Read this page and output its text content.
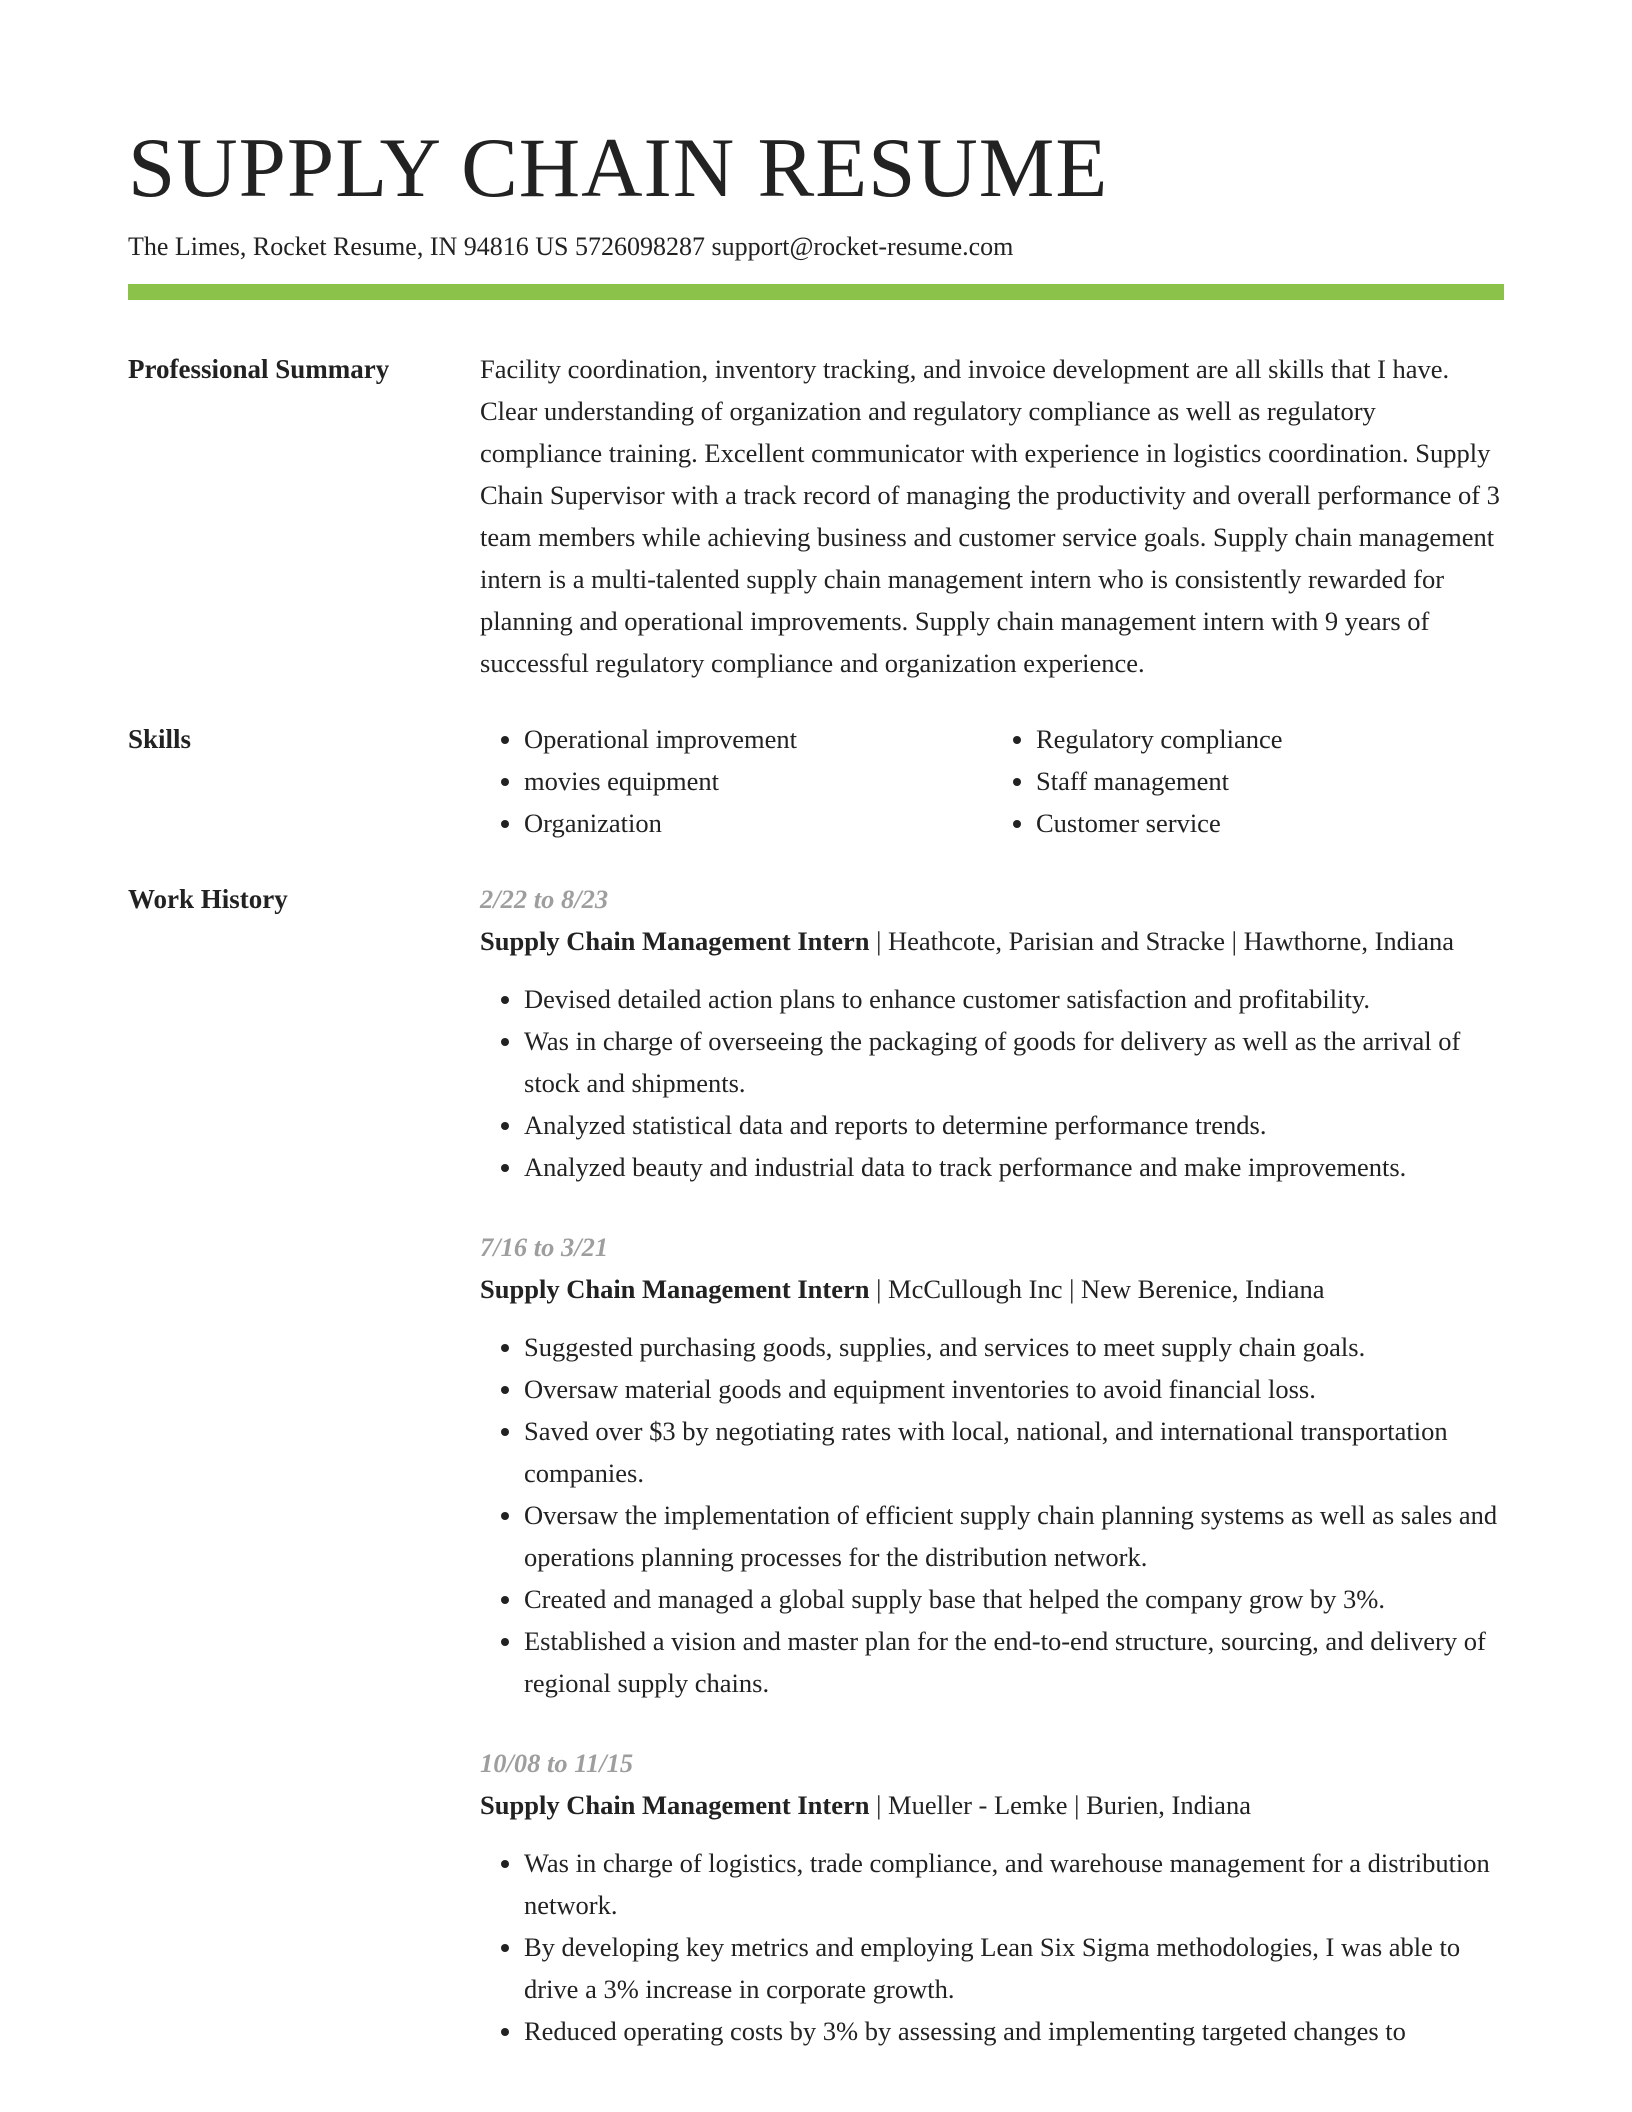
SUPPLY CHAIN RESUME
The Limes, Rocket Resume, IN 94816 US 5726098287 support@rocket-resume.com
Professional Summary	Facility coordination, inventory tracking, and invoice development are all skills that I have. Clear understanding of organization and regulatory compliance as well as regulatory compliance training. Excellent communicator with experience in logistics coordination. Supply Chain Supervisor with a track record of managing the productivity and overall performance of 3 team members while achieving business and customer service goals. Supply chain management intern is a multi-talented supply chain management intern who is consistently rewarded for planning and operational improvements. Supply chain management intern with 9 years of successful regulatory compliance and organization experience.

Skills
•	Operational improvement
• movies equipment
• Organization
• Regulatory compliance
• Staff management
• Customer service
Work History	2/22 to 8/23
Supply Chain Management Intern | Heathcote, Parisian and Stracke | Hawthorne, Indiana
• Devised detailed action plans to enhance customer satisfaction and profitability.
• Was in charge of overseeing the packaging of goods for delivery as well as the arrival of stock and shipments.
• Analyzed statistical data and reports to determine performance trends.
• Analyzed beauty and industrial data to track performance and make improvements.
7/16 to 3/21
Supply Chain Management Intern | McCullough Inc | New Berenice, Indiana
• Suggested purchasing goods, supplies, and services to meet supply chain goals.
• Oversaw material goods and equipment inventories to avoid financial loss.
• Saved over $3 by negotiating rates with local, national, and international transportation companies.
• Oversaw the implementation of efficient supply chain planning systems as well as sales and operations planning processes for the distribution network.
• Created and managed a global supply base that helped the company grow by 3%.
• Established a vision and master plan for the end-to-end structure, sourcing, and delivery of regional supply chains.
10/08 to 11/15
Supply Chain Management Intern | Mueller - Lemke | Burien, Indiana
• Was in charge of logistics, trade compliance, and warehouse management for a distribution network.
• By developing key metrics and employing Lean Six Sigma methodologies, I was able to drive a 3% increase in corporate growth.
• Reduced operating costs by 3% by assessing and implementing targeted changes to
